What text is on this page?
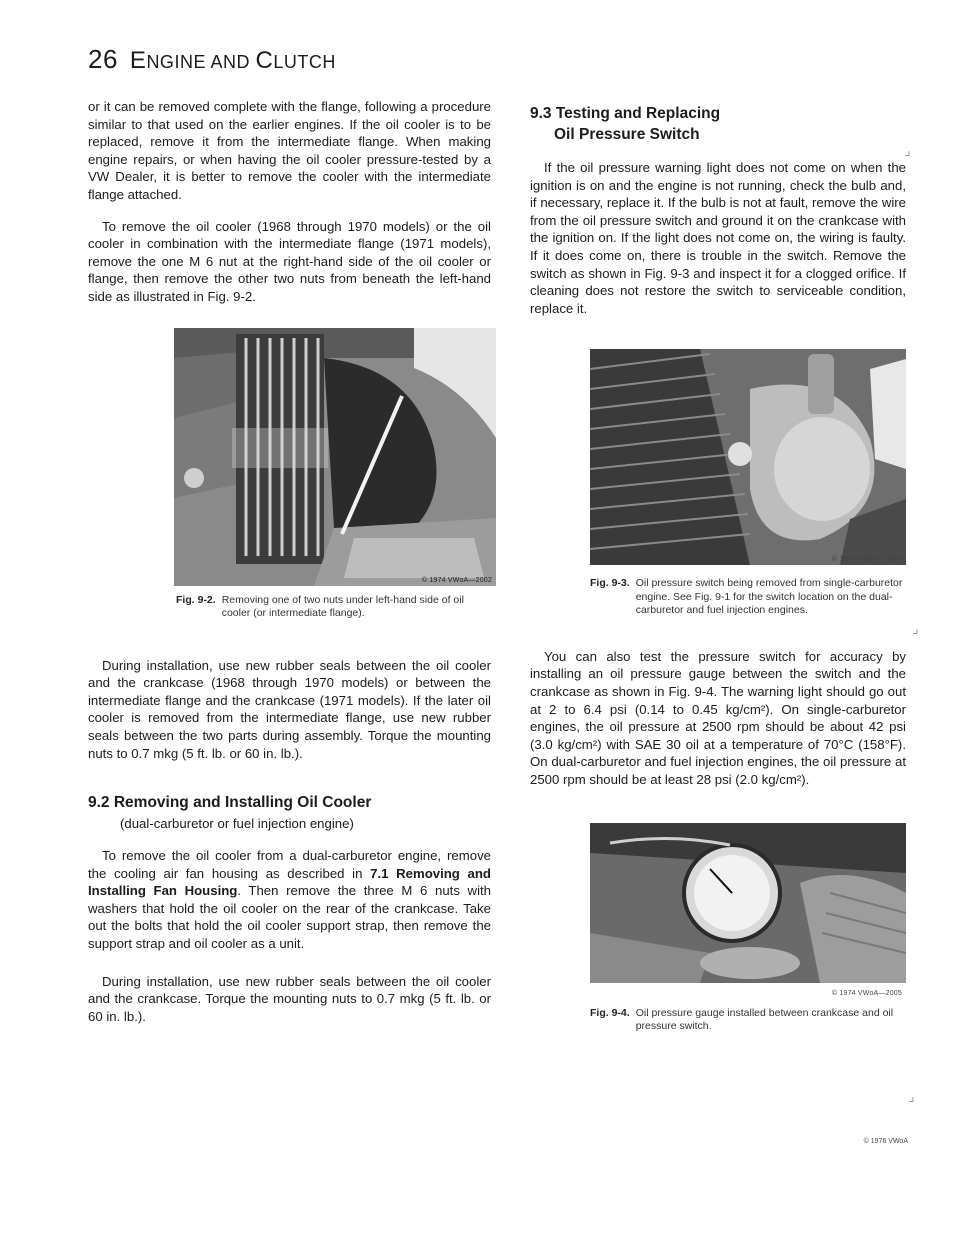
26 ENGINE AND CLUTCH

or it can be removed complete with the flange, following a procedure similar to that used on the earlier engines. If the oil cooler is to be replaced, remove it from the intermediate flange. When making engine repairs, or when having the oil cooler pressure-tested by a VW Dealer, it is better to remove the cooler with the intermediate flange attached.

To remove the oil cooler (1968 through 1970 models) or the oil cooler in combination with the intermediate flange (1971 models), remove the one M 6 nut at the right-hand side of the oil cooler or flange, then remove the other two nuts from beneath the left-hand side as illustrated in Fig. 9-2.

© 1974 VWoA—2002
Fig. 9-2. Removing one of two nuts under left-hand side of oil cooler (or intermediate flange).

During installation, use new rubber seals between the oil cooler and the crankcase (1968 through 1970 models) or between the intermediate flange and the crankcase (1971 models). If the later oil cooler is removed from the intermediate flange, use new rubber seals between the two parts during assembly. Torque the mounting nuts to 0.7 mkg (5 ft. lb. or 60 in. lb.).

9.2 Removing and Installing Oil Cooler
(dual-carburetor or fuel injection engine)

To remove the oil cooler from a dual-carburetor engine, remove the cooling air fan housing as described in 7.1 Removing and Installing Fan Housing. Then remove the three M 6 nuts with washers that hold the oil cooler on the rear of the crankcase. Take out the bolts that hold the oil cooler support strap, then remove the support strap and oil cooler as a unit.

During installation, use new rubber seals between the oil cooler and the crankcase. Torque the mounting nuts to 0.7 mkg (5 ft. lb. or 60 in. lb.).

9.3 Testing and Replacing
Oil Pressure Switch

If the oil pressure warning light does not come on when the ignition is on and the engine is not running, check the bulb and, if necessary, replace it. If the bulb is not at fault, remove the wire from the oil pressure switch and ground it on the crankcase with the ignition on. If the light does not come on, the wiring is faulty. If it does come on, there is trouble in the switch. Remove the switch as shown in Fig. 9-3 and inspect it for a clogged orifice. If cleaning does not restore the switch to serviceable condition, replace it.

© 1974 VWoA—2004
Fig. 9-3. Oil pressure switch being removed from single-carburetor engine. See Fig. 9-1 for the switch location on the dual-carburetor and fuel injection engines.

You can also test the pressure switch for accuracy by installing an oil pressure gauge between the switch and the crankcase as shown in Fig. 9-4. The warning light should go out at 2 to 6.4 psi (0.14 to 0.45 kg/cm²). On single-carburetor engines, the oil pressure at 2500 rpm should be about 42 psi (3.0 kg/cm²) with SAE 30 oil at a temperature of 70°C (158°F). On dual-carburetor and fuel injection engines, the oil pressure at 2500 rpm should be at least 28 psi (2.0 kg/cm²).

© 1974 VWoA—2005
Fig. 9-4. Oil pressure gauge installed between crankcase and oil pressure switch.
© 1976 VWoA
⌟
⌟
⌟
